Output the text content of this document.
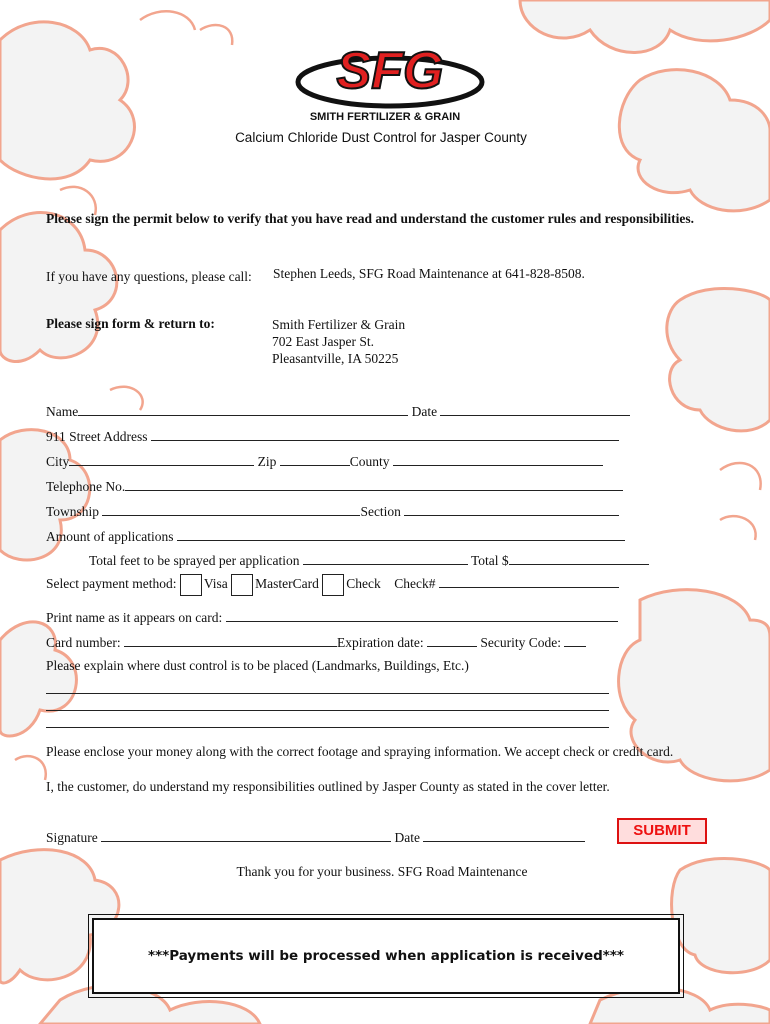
SFG
SMITH FERTILIZER & GRAIN
Calcium Chloride Dust Control for Jasper County
Please sign the permit below to verify that you have read and understand the customer rules and responsibilities.
If you have any questions, please call: Stephen Leeds, SFG Road Maintenance at 641-828-8508.
Please sign form & return to:	Smith Fertilizer & Grain
702 East Jasper St.
Pleasantville, IA 50225
Name	Date
911 Street Address
City	Zip	County
Telephone No.
Township	Section
Amount of applications
Total feet to be sprayed per application	Total $
Select payment method: Visa MasterCard Check Check#
Print name as it appears on card:
Card number:	Expiration date:	Security Code:
Please explain where dust control is to be placed (Landmarks, Buildings, Etc.)
Please enclose your money along with the correct footage and spraying information. We accept check or credit card.
I, the customer, do understand my responsibilities outlined by Jasper County as stated in the cover letter.
Signature	Date	SUBMIT
Thank you for your business. SFG Road Maintenance
***Payments will be processed when application is received***
